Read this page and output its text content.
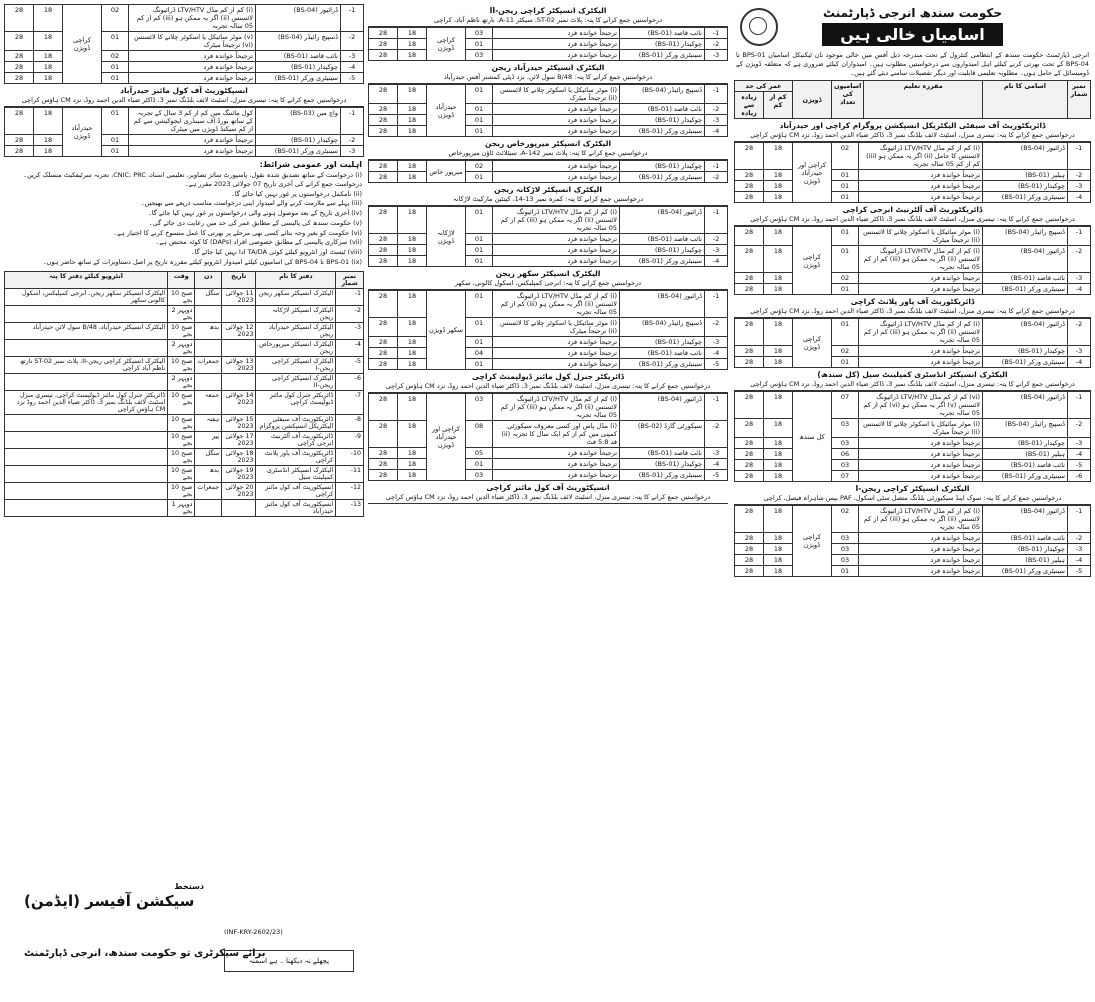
حکومت سندھ انرجی ڈپارٹمنٹ
اسامیاں خالی ہیں
انرجی ڈپارٹمنٹ حکومت سندھ کے انتظامی کنٹرول کے تحت مندرجہ ذیل آفس میں خالی موجود نان ٹیکنیکل اسامیاں BPS-01 تا BPS-04 کے تحت بھرتی کرنے کیلئے اہل امیدواروں سے درخواستیں مطلوب ہیں۔ امیدواران کیلئے ضروری ہے کہ متعلقہ ڈویژن کے ڈومیسائل کے حامل ہوں۔ مطلوبہ تعلیمی قابلیت اور دیگر تفصیلات سامنے دیئے گئے ہیں۔
نمبر شمار	اسامی کا نام	مقررہ تعلیم	اسامیوں کی تعداد	ڈویژن	عمر کی حد	
					کم از کم	زیادہ سے زیادہ
ڈائریکٹوریٹ آف سیفٹی الیکٹریکل انسپکشن پروگرام کراچی اور حیدرآباد
درخواستیں جمع کرانے کا پتہ: تیسری منزل، اسٹیٹ لائف بلڈنگ نمبر 3، ڈاکٹر ضیاء الدین احمد روڈ، نزد CM ہاؤس کراچی
1-	ڈرائیور (BS-04)	(i) کم از کم مڈل LTV/HTV ڈرائیونگ لائسنس کا حامل (ii) اگر یہ ممکن ہو (iii) کم از کم 05 سالہ تجربہ	02	کراچی اور حیدرآباد ڈویژن	18	28
2-	ہیلپر (BS-01)	ترجیحاً خواندہ فرد	01		18	28
3-	چوکیدار (BS-01)	ترجیحاً خواندہ فرد	01		18	28
4-	سینیٹری ورکر (BS-01)	ترجیحاً خواندہ فرد	01		18	28
ڈائریکٹوریٹ آف آلٹرنیٹ انرجی کراچی
درخواستیں جمع کرانے کا پتہ: تیسری منزل، اسٹیٹ لائف بلڈنگ نمبر 3، ڈاکٹر ضیاء الدین احمد روڈ، نزد CM ہاؤس کراچی
1-	ڈسپیچ رائیڈر (BS-04)	(i) موٹر سائیکل یا اسکوٹر چلانے کا لائسنس (ii) ترجیحاً میٹرک	01	کراچی ڈویژن	18	28
2-	ڈرائیور (BS-04)	(i) کم از کم مڈل LTV/HTV ڈرائیونگ لائسنس (ii) اگر یہ ممکن ہو (iii) کم از کم 05 سالہ تجربہ	01		18	28
3-	نائب قاصد (BS-01)	ترجیحاً خواندہ فرد	02		18	28
4-	سینیٹری ورکر (BS-01)	ترجیحاً خواندہ فرد	01		18	28
ڈائریکٹوریٹ آف پاور پلانٹ کراچی
درخواستیں جمع کرانے کا پتہ: تیسری منزل، اسٹیٹ لائف بلڈنگ نمبر 3، ڈاکٹر ضیاء الدین احمد روڈ، نزد CM ہاؤس کراچی
2-	ڈرائیور (BS-04)	(i) کم از کم مڈل LTV/HTV ڈرائیونگ لائسنس (ii) اگر یہ ممکن ہو (iii) کم از کم 05 سالہ تجربہ	01	کراچی ڈویژن	18	28
3-	چوکیدار (BS-01)	ترجیحاً خواندہ فرد	02		18	28
4-	سینیٹری ورکر (BS-01)	ترجیحاً خواندہ فرد	01		18	28
الیکٹرک انسپکٹر انڈسٹری کمپلینٹ سیل (کل سندھ)
درخواستیں جمع کرانے کا پتہ: تیسری منزل، اسٹیٹ لائف بلڈنگ نمبر 3، ڈاکٹر ضیاء الدین احمد روڈ، نزد CM ہاؤس کراچی
1-	ڈرائیور (BS-04)	(vi) کم از کم مڈل LTV/HTV ڈرائیونگ لائسنس (v) اگر یہ ممکن ہو (vi) کم از کم 05 سالہ تجربہ	07	کل سندھ	18	28
2-	ڈسپیچ رائیڈر (BS-04)	(i) موٹر سائیکل یا اسکوٹر چلانے کا لائسنس (ii) ترجیحاً میٹرک	03		18	28
3-	چوکیدار (BS-01)	ترجیحاً خواندہ فرد	03		18	28
4-	ہیلپر (BS-01)	ترجیحاً خواندہ فرد	06		18	28
5-	نائب قاصد (BS-01)	ترجیحاً خواندہ فرد	03		18	28
6-	سینیٹری ورکر (BS-01)	ترجیحاً خواندہ فرد	07		18	28
الیکٹرک انسپکٹر کراچی ریجن-I
درخواستیں جمع کرانے کا پتہ: سوک اینڈ سیکیورٹی بلڈنگ متصل سٹی اسکول، PAF بیس شاہراہ فیصل، کراچی
1-	ڈرائیور (BS-04)	(i) کم از کم مڈل LTV/HTV ڈرائیونگ لائسنس (ii) اگر یہ ممکن ہو (iii) کم از کم 05 سالہ تجربہ	02	کراچی ڈویژن	18	28
2-	نائب قاصد (BS-01)	ترجیحاً خواندہ فرد	03		18	28
3-	چوکیدار (BS-01)	ترجیحاً خواندہ فرد	03		18	28
4-	ہیلپر (BS-01)	ترجیحاً خواندہ فرد	03		18	28
5-	سینیٹری ورکر (BS-01)	ترجیحاً خواندہ فرد	01		18	28
الیکٹرک انسپکٹر کراچی ریجن-II
درخواستیں جمع کرانے کا پتہ: پلاٹ نمبر ST-02، سیکٹر 11-A، نارتھ ناظم آباد، کراچی
1-	نائب قاصد (BS-01)	ترجیحاً خواندہ فرد	03	کراچی ڈویژن	18	28
2-	چوکیدار (BS-01)	ترجیحاً خواندہ فرد	01		18	28
3-	سینیٹری ورکر (BS-01)	ترجیحاً خواندہ فرد	03		18	28
الیکٹرک انسپکٹر حیدرآباد ریجن
درخواستیں جمع کرانے کا پتہ: 48/B سول لائن، نزد ڈپٹی کمشنر آفس حیدرآباد
1-	ڈسپیچ رائیڈر (BS-04)	(i) موٹر سائیکل یا اسکوٹر چلانے کا لائسنس (ii) ترجیحاً میٹرک	01	حیدرآباد ڈویژن	18	28
2-	نائب قاصد (BS-01)	ترجیحاً خواندہ فرد	01		18	28
3-	چوکیدار (BS-01)	ترجیحاً خواندہ فرد	01		18	28
4-	سینیٹری ورکر (BS-01)	ترجیحاً خواندہ فرد	01		18	28
الیکٹرک انسپکٹر میرپورخاص ریجن
درخواستیں جمع کرانے کا پتہ: پلاٹ نمبر 142-A، سیٹلائٹ ٹاؤن میرپورخاص
1-	چوکیدار (BS-01)	ترجیحاً خواندہ فرد	02	میرپور خاص	18	28
2-	سینیٹری ورکر (BS-01)	ترجیحاً خواندہ فرد	01		18	28
الیکٹرک انسپکٹر لاڑکانہ ریجن
درخواستیں جمع کرانے کا پتہ: کمرہ نمبر 13-14، کینٹین مارکیٹ لاڑکانہ
1-	ڈرائیور (BS-04)	(i) کم از کم مڈل LTV/HTV ڈرائیونگ لائسنس (ii) اگر یہ ممکن ہو (iii) کم از کم 05 سالہ تجربہ	01	لاڑکانہ ڈویژن	18	28
2-	نائب قاصد (BS-01)	ترجیحاً خواندہ فرد	01		18	28
3-	چوکیدار (BS-01)	ترجیحاً خواندہ فرد	01		18	28
4-	سینیٹری ورکر (BS-01)	ترجیحاً خواندہ فرد	01		18	28
الیکٹرک انسپکٹر سکھر ریجن
درخواستیں جمع کرانے کا پتہ: انرجی کمپلیکس، اسکول کالونی، سکھر
1-	ڈرائیور (BS-04)	(i) کم از کم مڈل LTV/HTV ڈرائیونگ لائسنس (ii) اگر یہ ممکن ہو (iii) کم از کم 05 سالہ تجربہ	01	سکھر ڈویژن	18	28
2-	ڈسپیچ رائیڈر (BS-04)	(i) موٹر سائیکل یا اسکوٹر چلانے کا لائسنس (ii) ترجیحاً میٹرک	01		18	28
3-	چوکیدار (BS-01)	ترجیحاً خواندہ فرد	01		18	28
4-	نائب قاصد (BS-01)	ترجیحاً خواندہ فرد	04		18	28
5-	سینیٹری ورکر (BS-01)	ترجیحاً خواندہ فرد	01		18	28
ڈائریکٹر جنرل کول مائنز ڈیولپمنٹ کراچی
درخواستیں جمع کرانے کا پتہ: تیسری منزل، اسٹیٹ لائف بلڈنگ نمبر 3، ڈاکٹر ضیاء الدین احمد روڈ، نزد CM ہاؤس کراچی
1-	ڈرائیور (BS-04)	(i) کم از کم مڈل LTV/HTV ڈرائیونگ لائسنس (ii) اگر یہ ممکن ہو (iii) کم از کم 05 سالہ تجربہ	03	کراچی اور حیدرآباد ڈویژن	18	28
2-	سیکورٹی گارڈ (BS-02)	(i) مڈل پاس اور کسی معروف سیکورٹی کمپنی میں کم از کم ایک سال کا تجربہ (ii) قد 5.8 فٹ	08		18	28
3-	نائب قاصد (BS-01)	ترجیحاً خواندہ فرد	05		18	28
4-	چوکیدار (BS-01)	ترجیحاً خواندہ فرد	01		18	28
5-	سینیٹری ورکر (BS-01)	ترجیحاً خواندہ فرد	03		18	28
انسپکٹوریٹ آف کول مائنز کراچی
درخواستیں جمع کرانے کا پتہ: تیسری منزل، اسٹیٹ لائف بلڈنگ نمبر 3، ڈاکٹر ضیاء الدین احمد روڈ، نزد CM ہاؤس کراچی
1-	ڈرائیور (BS-04)	(i) کم از کم مڈل LTV/HTV ڈرائیونگ لائسنس (ii) اگر یہ ممکن ہو (iii) کم از کم 05 سالہ تجربہ	02	کراچی ڈویژن	18	28
2-	ڈسپیچ رائیڈر (BS-04)	(v) موٹر سائیکل یا اسکوٹر چلانے کا لائسنس (vi) ترجیحاً میٹرک	01		18	28
3-	نائب قاصد (BS-01)	ترجیحاً خواندہ فرد	02		18	28
4-	چوکیدار (BS-01)	ترجیحاً خواندہ فرد	01		18	28
5-	سینیٹری ورکر (BS-01)	ترجیحاً خواندہ فرد	01		18	28
انسپکٹوریٹ آف کول مائنز حیدرآباد
درخواستیں جمع کرانے کا پتہ: تیسری منزل، اسٹیٹ لائف بلڈنگ نمبر 3، ڈاکٹر ضیاء الدین احمد روڈ، نزد CM ہاؤس کراچی
1-	واچ مین (BS-03)	کول مائننگ میں کم از کم 3 سال کے تجربہ کے ساتھ بورڈ آف سینڈری ایجوکیشن سے کم از کم سیکنڈ ڈویژن میں میٹرک	01	حیدرآباد ڈویژن	18	28
2-	چوکیدار (BS-01)	ترجیحاً خواندہ فرد	01		18	28
3-	سینیٹری ورکر (BS-01)	ترجیحاً خواندہ فرد	01		18	28
اہلیت اور عمومی شرائط:
(i) درخواست کے ساتھ تصدیق شدہ نقول، پاسپورٹ سائز تصاویر، تعلیمی اسناد، CNIC، PRC، تجربہ سرٹیفکیٹ منسلک کریں۔ درخواست جمع کرانے کی آخری تاریخ 07 جولائی 2023 مقرر ہے۔
(ii) نامکمل درخواستوں پر غور نہیں کیا جائے گا۔
(iii) پہلے سے ملازمت کرنے والے امیدوار اپنی درخواست مناسب ذریعے سے بھیجیں۔
(iv) آخری تاریخ کے بعد موصول ہونے والی درخواستوں پر غور نہیں کیا جائے گا۔
(v) حکومت سندھ کی پالیسی کے مطابق عمر کی حد میں رعایت دی جائے گی۔
(vi) حکومت کو بغیر وجہ بتائے کسی بھی مرحلے پر بھرتی کا عمل منسوخ کرنے کا اختیار ہے۔
(vii) سرکاری پالیسی کے مطابق خصوصی افراد (DAPs) کا کوٹہ مختص ہے۔
(viii) ٹیسٹ اور انٹرویو کیلئے کوئی TA/DA ادا نہیں کیا جائے گا۔
(ix) BPS-01 تا BPS-04 کی اسامیوں کیلئے امیدوار انٹرویو کیلئے مقررہ تاریخ پر اصل دستاویزات کے ساتھ حاضر ہوں۔
نمبر شمار	دفتر کا نام	تاریخ	دن	وقت	انٹرویو کیلئے دفتر کا پتہ
1-	الیکٹرک انسپکٹر سکھر ریجن	11 جولائی 2023	منگل	صبح 10 بجے	الیکٹرک انسپکٹر سکھر ریجن، انرجی کمپلیکس، اسکول کالونی سکھر
2-	الیکٹرک انسپکٹر لاڑکانہ ریجن			دوپہر 2 بجے	
3-	الیکٹرک انسپکٹر حیدرآباد ریجن	12 جولائی 2023	بدھ	صبح 10 بجے	الیکٹرک انسپکٹر حیدرآباد، 48/B سول لائن حیدرآباد
4-	الیکٹرک انسپکٹر میرپورخاص ریجن			دوپہر 2 بجے	
5-	الیکٹرک انسپکٹر کراچی ریجن-I	13 جولائی 2023	جمعرات	صبح 10 بجے	الیکٹرک انسپکٹر کراچی ریجن-II، پلاٹ نمبر ST-02 نارتھ ناظم آباد کراچی
6-	الیکٹرک انسپکٹر کراچی ریجن-II			دوپہر 2 بجے	
7-	ڈائریکٹر جنرل کول مائنز ڈیولپمنٹ کراچی	14 جولائی 2023	جمعہ	صبح 10 بجے	ڈائریکٹر جنرل کول مائنز ڈیولپمنٹ کراچی، تیسری منزل اسٹیٹ لائف بلڈنگ نمبر 3، ڈاکٹر ضیاء الدین احمد روڈ نزد CM ہاؤس کراچی
8-	ڈائریکٹوریٹ آف سیفٹی الیکٹریکل انسپکشن پروگرام	15 جولائی 2023	ہفتہ	صبح 10 بجے	
9-	ڈائریکٹوریٹ آف آلٹرنیٹ انرجی کراچی	17 جولائی 2023	پیر	صبح 10 بجے	
10-	ڈائریکٹوریٹ آف پاور پلانٹ کراچی	18 جولائی 2023	منگل	صبح 10 بجے	
11-	الیکٹرک انسپکٹر انڈسٹری کمپلینٹ سیل	19 جولائی 2023	بدھ	صبح 10 بجے	
12-	انسپکٹوریٹ آف کول مائنز کراچی	20 جولائی 2023	جمعرات	صبح 10 بجے	
13-	انسپکٹوریٹ آف کول مائنز حیدرآباد			دوپہر 1 بجے	
دستخط
سیکشن آفیسر (ایڈمن)
(INF-KRY-2602/23)
برائے سیکرٹری تو حکومت سندھ، انرجی ڈپارٹمنٹ
پچھلے نہ دیکھنا ۔ ہے اسمنہ
